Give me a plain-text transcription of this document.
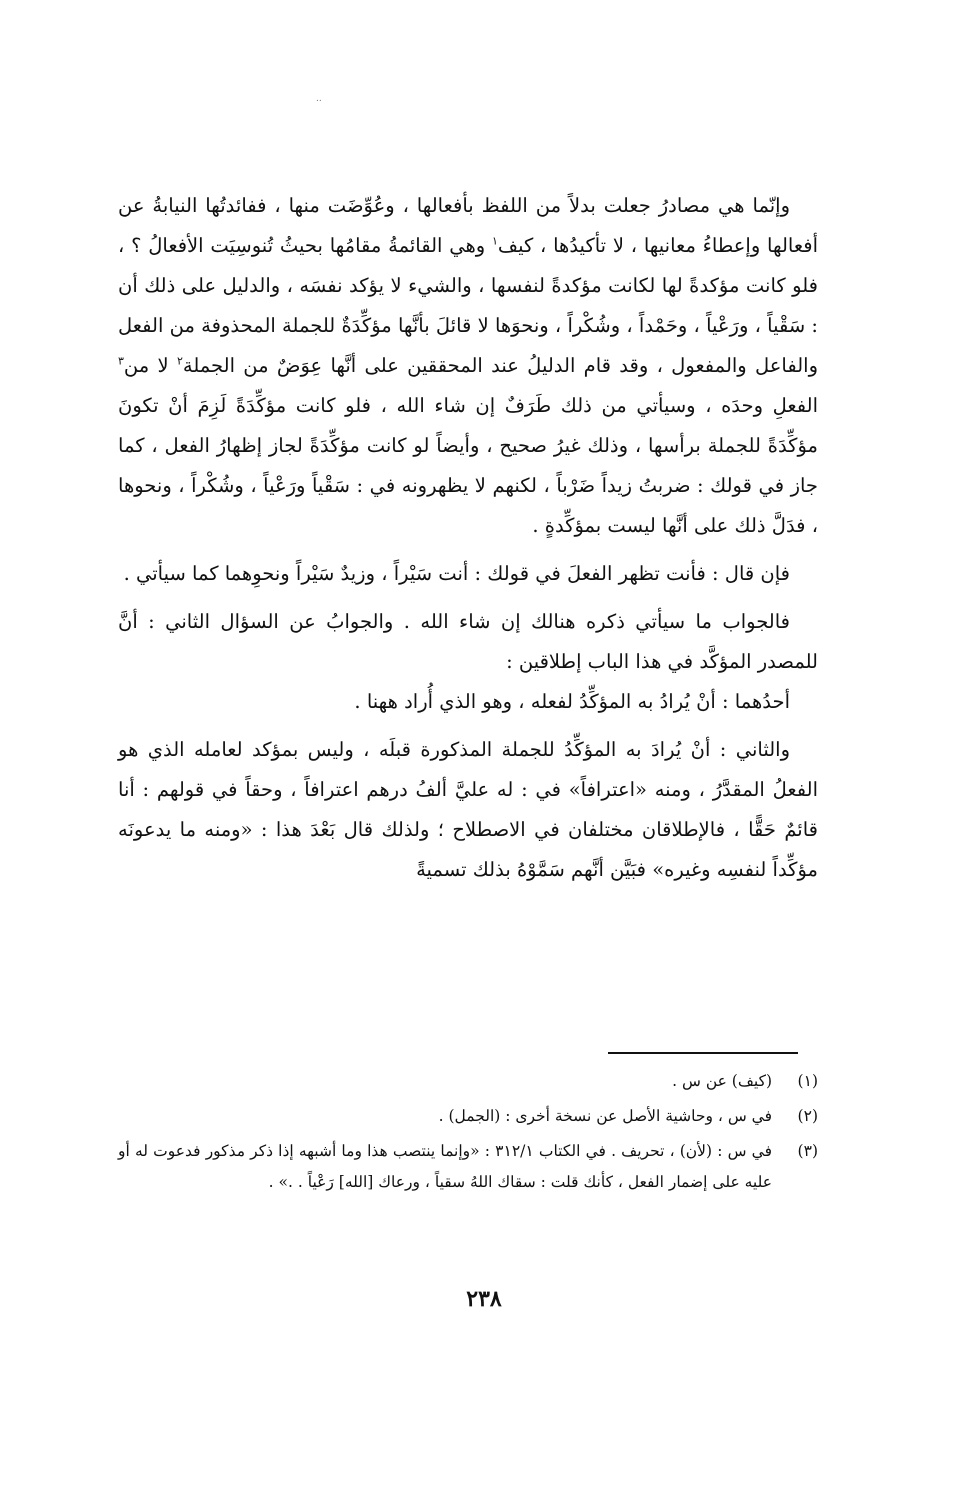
..

وإنّما هي مصادرُ جعلت بدلاً من اللفظ بأفعالها ، وعُوِّضَت منها ، ففائدتُها النيابةُ عن أفعالها وإعطاءُ معانيها ، لا تأكيدُها ، كيف$^١$ وهي القائمةُ مقامُها بحيثُ تُنوسِيَت الأفعالُ ؟ ، فلو كانت مؤكدةً لها لكانت مؤكدةً لنفسها ، والشيء لا يؤكد نفسَه ، والدليل على ذلك أن : سَقْياً ، ورَعْياً ، وحَمْداً ، وشُكْراً ، ونحوَها لا قائلَ بأنَّها مؤكِّدَةٌ للجملة المحذوفة من الفعل والفاعل والمفعول ، وقد قام الدليلُ عند المحققين على أنَّها عِوَضٌ من الجملة$^٢$ لا من$^٣$ الفعلِ وحدَه ، وسيأتي من ذلك طَرَفٌ إن شاء الله ، فلو كانت مؤكِّدَةً لَزِمَ أنْ تكونَ مؤكِّدَةً للجملة برأسها ، وذلك غيرُ صحيح ، وأيضاً لو كانت مؤكِّدَةً لجاز إظهارُ الفعل ، كما جاز في قولك : ضربتُ زيداً ضَرْباً ، لكنهم لا يظهرونه في : سَقْياً ورَعْياً ، وشُكْراً ، ونحوها ، فدَلَّ ذلك على أنَّها ليست بمؤكِّدةٍ .

فإن قال : فأنت تظهر الفعلَ في قولك : أنت سَيْراً ، وزيدٌ سَيْراً ونحوِهما كما سيأتي .

فالجواب ما سيأتي ذكره هنالك إن شاء الله . والجوابُ عن السؤال الثاني : أنَّ للمصدر المؤكَّد في هذا الباب إطلاقين :

أحدُهما : أنْ يُرادُ به المؤكِّدُ لفعله ، وهو الذي أُراد ههنا .

والثاني : أنْ يُرادَ به المؤكِّدُ للجملة المذكورة قبلَه ، وليس بمؤكد لعامله الذي هو الفعلُ المقدَّرُ ، ومنه «اعترافاً» في : له عليَّ ألفُ درهم اعترافاً ، وحقاً في قولهم : أنا قائمٌ حَقًّا ، فالإطلاقان مختلفان في الاصطلاح ؛ ولذلك قال بَعْدَ هذا : «ومنه ما يدعونَه مؤكِّداً لنفسِه وغيره» فبَيَّن أنَّهم سَمَّوْهُ بذلك تسميةً

(١)
(كيف) عن س .
(٢)
في س ، وحاشية الأصل عن نسخة أخرى : (الجمل) .
(٣)
في س : (لأن) ، تحريف . في الكتاب ٣١٢/١ : «وإنما ينتصب هذا وما أشبهه إذا ذكر مذكور فدعوت له أو عليه على إضمار الفعل ، كأنك قلت : سقاك اللهُ سقياً ، ورعاك [الله] رَعْياً . .» .
٢٣٨
